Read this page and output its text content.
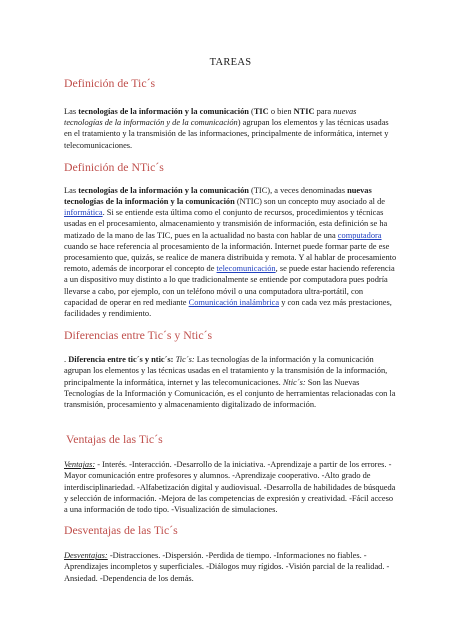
TAREAS

Definición de Tic´s

Las tecnologías de la información y la comunicación (TIC o bien NTIC para nuevas tecnologías de la información y de la comunicación) agrupan los elementos y las técnicas usadas en el tratamiento y la transmisión de las informaciones, principalmente de informática, internet y telecomunicaciones.

Definición de NTic´s

Las tecnologías de la información y la comunicación (TIC), a veces denominadas nuevas tecnologías de la información y la comunicación (NTIC) son un concepto muy asociado al de informática. Si se entiende esta última como el conjunto de recursos, procedimientos y técnicas usadas en el procesamiento, almacenamiento y transmisión de información, esta definición se ha matizado de la mano de las TIC, pues en la actualidad no basta con hablar de una computadora cuando se hace referencia al procesamiento de la información. Internet puede formar parte de ese procesamiento que, quizás, se realice de manera distribuida y remota. Y al hablar de procesamiento remoto, además de incorporar el concepto de telecomunicación, se puede estar haciendo referencia a un dispositivo muy distinto a lo que tradicionalmente se entiende por computadora pues podría llevarse a cabo, por ejemplo, con un teléfono móvil o una computadora ultra-portátil, con capacidad de operar en red mediante Comunicación inalámbrica y con cada vez más prestaciones, facilidades y rendimiento.

Diferencias entre Tic´s y Ntic´s

. Diferencia entre tic´s y ntic´s: Tic´s: Las tecnologías de la información y la comunicación agrupan los elementos y las técnicas usadas en el tratamiento y la transmisión de la información, principalmente la informática, internet y las telecomunicaciones. Ntic´s: Son las Nuevas Tecnologías de la Información y Comunicación, es el conjunto de herramientas relacionadas con la transmisión, procesamiento y almacenamiento digitalizado de información.

Ventajas de las Tic´s

Ventajas: - Interés. -Interacción. -Desarrollo de la iniciativa. -Aprendizaje a partir de los errores. -Mayor comunicación entre profesores y alumnos. -Aprendizaje cooperativo. -Alto grado de interdisciplinariedad. -Alfabetización digital y audiovisual. -Desarrolla de habilidades de búsqueda y selección de información. -Mejora de las competencias de expresión y creatividad. -Fácil acceso a una información de todo tipo. -Visualización de simulaciones.

Desventajas de las Tic´s

Desventajas: -Distracciones. -Dispersión. -Perdida de tiempo. -Informaciones no fiables. -Aprendizajes incompletos y superficiales. -Diálogos muy rígidos. -Visión parcial de la realidad. -Ansiedad. -Dependencia de los demás.
